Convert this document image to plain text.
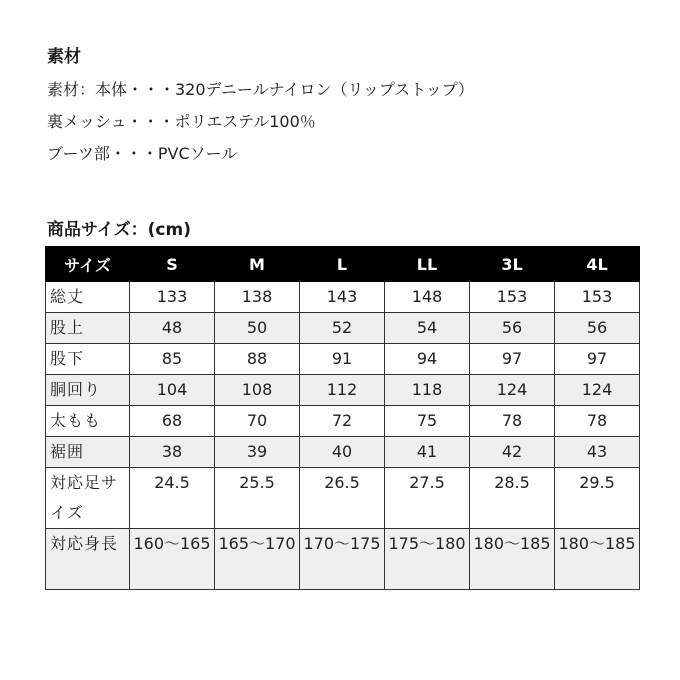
素材
素材：本体・・・320デニールナイロン（リップストップ）
裏メッシュ・・・ポリエステル100％
ブーツ部・・・PVCソール
商品サイズ：(cm)
サイズ	S	M	L	LL	3L	4L
総丈	133	138	143	148	153	153
股上	48	50	52	54	56	56
股下	85	88	91	94	97	97
胴回り	104	108	112	118	124	124
太もも	68	70	72	75	78	78
裾囲	38	39	40	41	42	43
対応足サイズ	24.5	25.5	26.5	27.5	28.5	29.5
対応身長	160～165	165～170	170～175	175～180	180～185	180～185
